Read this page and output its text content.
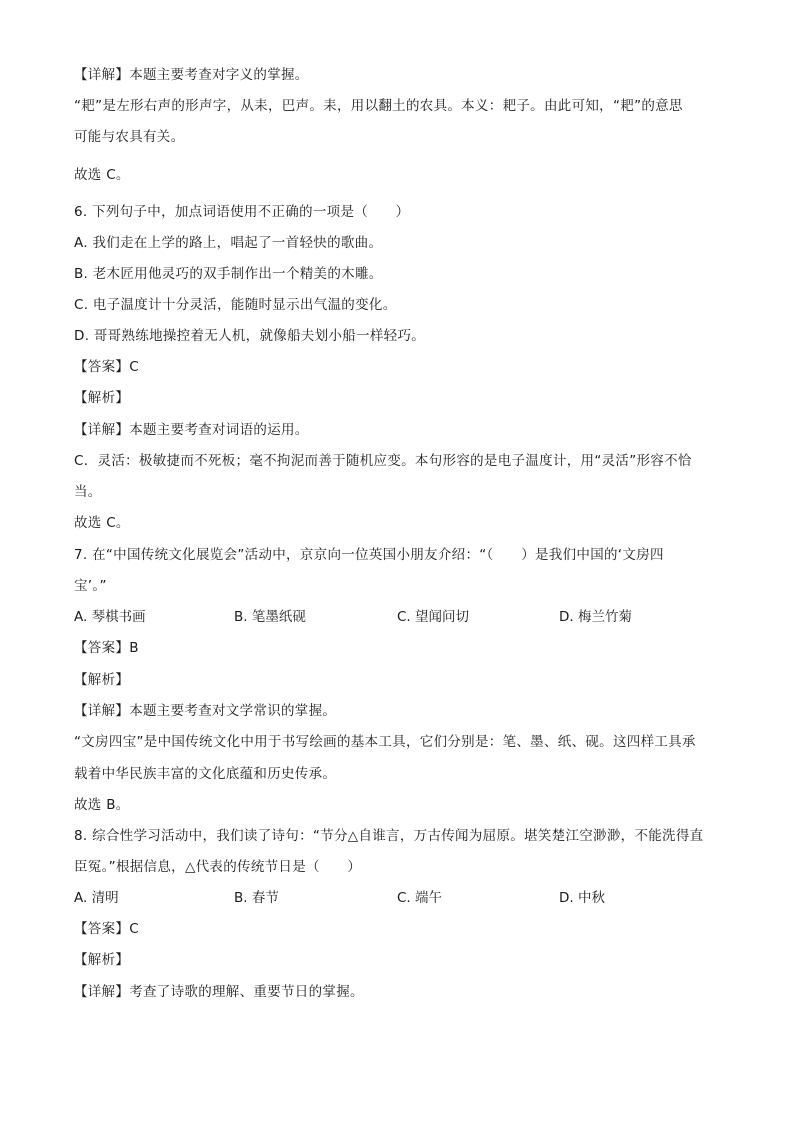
【详解】本题主要考查对字义的掌握。
“耙”是左形右声的形声字，从耒，巴声。耒，用以翻土的农具。本义：耙子。由此可知，“耙”的意思
可能与农具有关。
故选 C。
6. 下列句子中，加点词语使用不正确的一项是（　　）
A. 我们走在上学的路上，唱起了一首轻快的歌曲。
B. 老木匠用他灵巧的双手制作出一个精美的木雕。
C. 电子温度计十分灵活，能随时显示出气温的变化。
D. 哥哥熟练地操控着无人机，就像船夫划小船一样轻巧。
【答案】C
【解析】
【详解】本题主要考查对词语的运用。
C．灵活：极敏捷而不死板；毫不拘泥而善于随机应变。本句形容的是电子温度计，用“灵活”形容不恰
当。
故选 C。
7. 在“中国传统文化展览会”活动中，京京向一位英国小朋友介绍：“（　　）是我们中国的‘文房四
宝’。”
A. 琴棋书画	B. 笔墨纸砚	C. 望闻问切	D. 梅兰竹菊
【答案】B
【解析】
【详解】本题主要考查对文学常识的掌握。
“文房四宝”是中国传统文化中用于书写绘画的基本工具，它们分别是：笔、墨、纸、砚。这四样工具承
载着中华民族丰富的文化底蕴和历史传承。
故选 B。
8. 综合性学习活动中，我们读了诗句：“节分△自谁言，万古传闻为屈原。堪笑楚江空渺渺，不能洗得直
臣冤。”根据信息，△代表的传统节日是（　　）
A. 清明	B. 春节	C. 端午	D. 中秋
【答案】C
【解析】
【详解】考查了诗歌的理解、重要节日的掌握。
